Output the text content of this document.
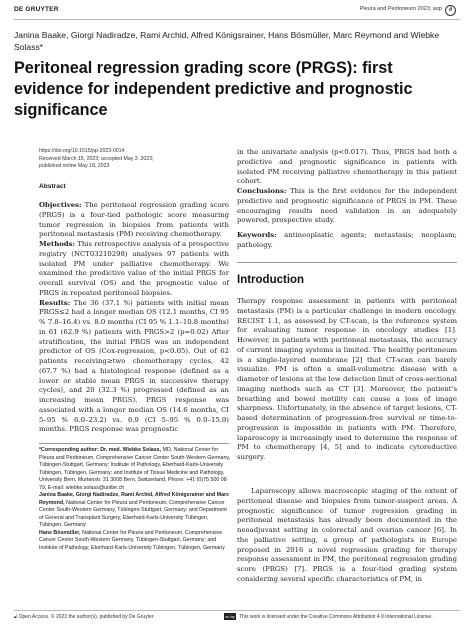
DE GRUYTER	Pleura and Peritoneum 2023; aop	∂
Janina Baake, Giorgi Nadiradze, Rami Archid, Alfred Königsrainer, Hans Bösmüller, Marc Reymond and Wiebke Solass*
Peritoneal regression grading score (PRGS): first evidence for independent predictive and prognostic significance
https://doi.org/10.1515/pp-2023-0014
Received March 15, 2023; accepted May 3, 2023;
published online May 18, 2023
Abstract
Objectives: The peritoneal regression grading score (PRGS) is a four-tied pathologic score measuring tumor regression in biopsies from patients with peritoneal metastasis (PM) receiving chemotherapy.
Methods: This retrospective analysis of a prospective registry (NCT03210298) analyses 97 patients with isolated PM under palliative chemotherapy. We examined the predictive value of the initial PRGS for overall survival (OS) and the prognostic value of PRGS in repeated peritoneal biopsies.
Results: The 36 (37.1 %) patients with initial mean PRGS≤2 had a longer median OS (12.1 months, CI 95 % 7.8–16.4) vs. 8.0 months (CI 95 % 1.1–10.8 months) in 61 (62.9 %) patients with PRGS>2 (p=0.02) After stratification, the initial PRGS was an independent predictor of OS (Cox-regression, p<0.05). Out of 62 patients receiving≥two chemotherapy cycles, 42 (67.7 %) had a histological response (defined as a lower or stable mean PRGS in successive therapy cycles), and 20 (32.3 %) progressed (defined as an increasing mean PRGS). PRGS response was associated with a longer median OS (14.6 months, CI 5–95 % 6.0–23.2) vs. 6.9 (CI 5–95 % 0.0–15.9) months. PRGS response was prognostic
in the univariate analysis (p<0.017). Thus, PRGS had both a predictive and prognostic significance in patients with isolated PM receiving palliative chemotherapy in this patient cohort.
Conclusions: This is the first evidence for the independent predictive and prognostic significance of PRGS in PM. These encouraging results need validation in an adequately powered, prospective study.
Keywords: antineoplastic agents; metastasis; neoplasm; pathology.
*Corresponding author: Dr. med. Wiebke Solass, MD, National Center for Pleura and Peritoneum, Comprehensive Cancer Center South-Western Germany, Tübingen-Stuttgart, Germany; Institute of Pathology, Eberhard-Karls-University Tübingen, Tübingen, Germany; and Institute of Tissue Medicine and Pathology, University Bern, Murtenstr. 31 3008 Bern, Switzerland, Phone: +41 (0)75 500 08 79, E-mail: wiebke.solass@unibe.ch
Janina Baake, Giorgi Nadiradze, Rami Archid, Alfred Königsrainer and Marc Reymond, National Center for Pleura and Peritoneum, Comprehensive Cancer Center South-Western Germany, Tübingen-Stuttgart, Germany; and Department of General and Transplant Surgery, Eberhard-Karls-University Tübingen, Tübingen, Germany
Hans Bösmüller, National Center for Pleura and Peritoneum, Comprehensive Cancer Center South-Western Germany, Tübingen-Stuttgart, Germany; and Institute of Pathology, Eberhard-Karls-University Tübingen, Tübingen, Germany
Introduction
Therapy response assessment in patients with peritoneal metastasis (PM) is a particular challenge in modern oncology. RECIST 1.1, as assessed by CT-scan, is the reference system for evaluating tumor response in oncology studies [1]. However, in patients with peritoneal metastasis, the accuracy of current imaging systems is limited. The healthy peritoneum is a single-layered membrane [2] that CT-scan can barely visualize. PM is often a small-volumetric disease with a diameter of lesions at the low detection limit of cross-sectional imaging methods such as CT [3]. Moreover, the patient's breathing and bowel motility can cause a loss of image sharpness. Unfortunately, in the absence of target lesions, CT-based determination of progression-free survival or time-to-progression is impossible in patients with PM. Therefore, laparoscopy is increasingly used to determine the response of PM to chemotherapy [4, 5] and to indicate cytoreductive surgery.
Laparoscopy allows macroscopic staging of the extent of peritoneal disease and biopsies from tumor-suspect areas. A prognostic significance of tumor regression grading in peritoneal metastasis has already been documented in the neoadjuvant setting in colorectal and ovarian cancer [6]. In the palliative setting, a group of pathologists in Europe proposed in 2016 a novel regression grading for therapy response assessment in PM, the peritoneal regression grading score (PRGS) [7]. PRGS is a four-tied grading system considering several specific characteristics of PM, in
🔓︎ Open Access. © 2023 the author(s), published by De Gruyter.	cc by This work is licensed under the Creative Commons Attribution 4.0 International License.
